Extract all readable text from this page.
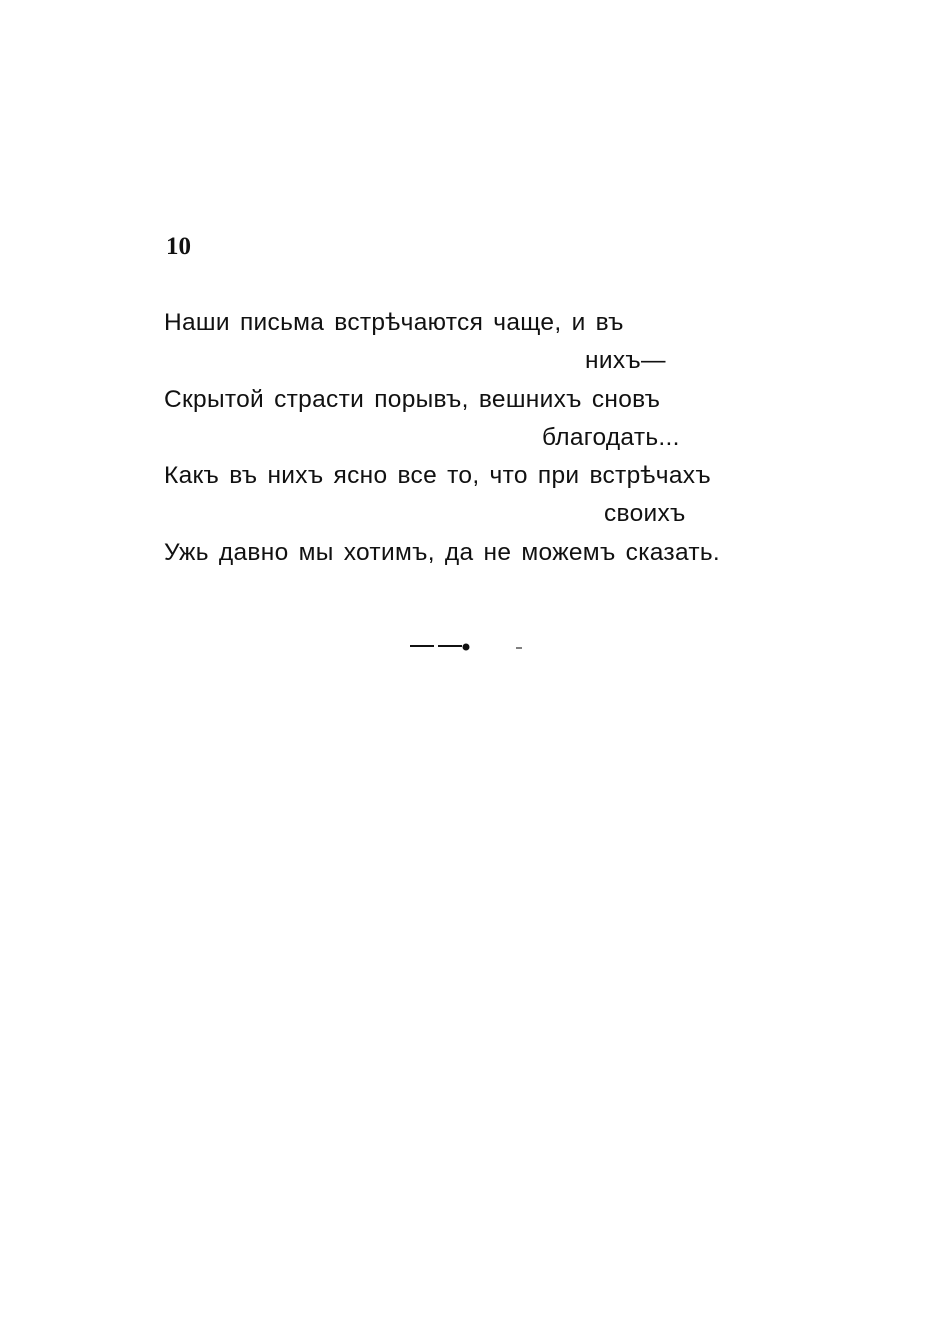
10
Наши письма встрѣчаются чаще, и въ
нихъ—
Скрытой страсти порывъ, вешнихъ сновъ
благодать...
Какъ въ нихъ ясно все то, что при встрѣчахъ
своихъ
Ужь давно мы хотимъ, да не можемъ сказать.
